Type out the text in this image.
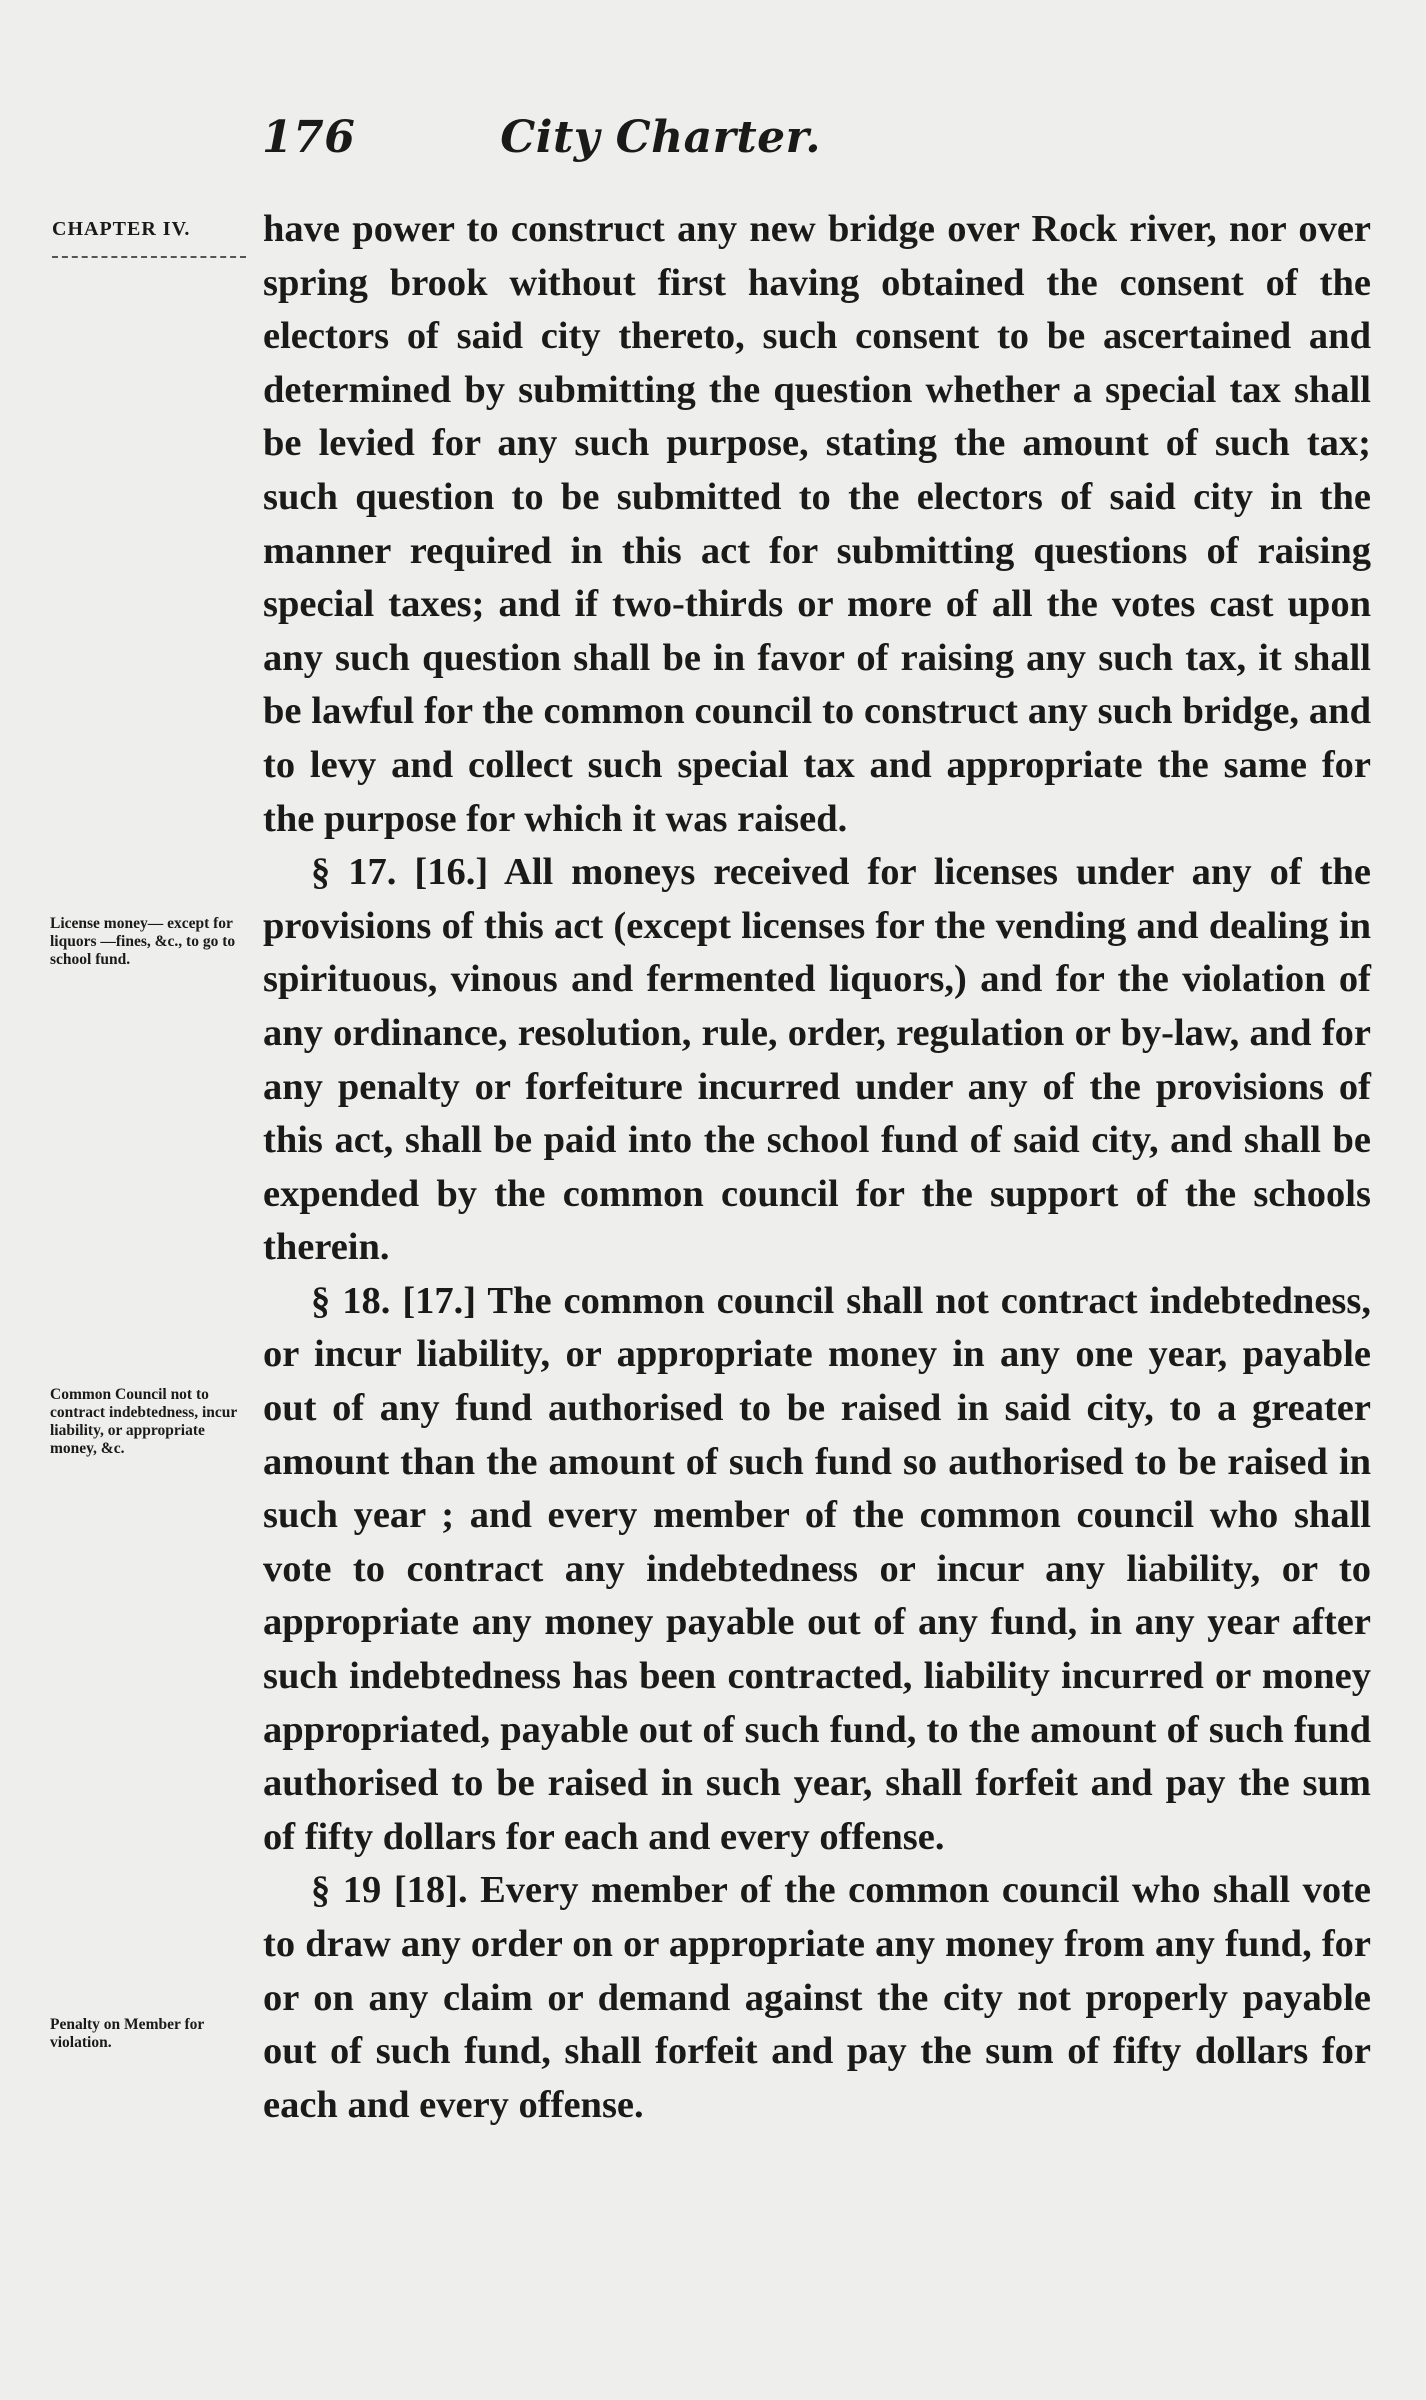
176	City Charter.
CHAPTER IV.
License money— except for liquors —fines, &c., to go to school fund.
Common Council not to contract indebtedness, incur liability, or appropriate money, &c.
Penalty on Member for violation.

have power to construct any new bridge over Rock river, nor over spring brook without first having obtained the consent of the electors of said city thereto, such consent to be ascertained and determined by submitting the question whether a special tax shall be levied for any such purpose, stating the amount of such tax; such question to be submitted to the electors of said city in the manner required in this act for submitting questions of raising special taxes; and if two-thirds or more of all the votes cast upon any such question shall be in favor of raising any such tax, it shall be lawful for the common council to construct any such bridge, and to levy and collect such special tax and appropriate the same for the purpose for which it was raised.

§ 17. [16.] All moneys received for licenses under any of the provisions of this act (except licenses for the vending and dealing in spirituous, vinous and fermented liquors,) and for the violation of any ordinance, resolution, rule, order, regulation or by-law, and for any penalty or forfeiture incurred under any of the provisions of this act, shall be paid into the school fund of said city, and shall be expended by the common council for the support of the schools therein.

§ 18. [17.] The common council shall not contract indebtedness, or incur liability, or appropriate money in any one year, payable out of any fund authorised to be raised in said city, to a greater amount than the amount of such fund so authorised to be raised in such year ; and every member of the common council who shall vote to contract any indebtedness or incur any liability, or to appropriate any money payable out of any fund, in any year after such indebtedness has been contracted, liability incurred or money appropriated, payable out of such fund, to the amount of such fund authorised to be raised in such year, shall forfeit and pay the sum of fifty dollars for each and every offense.

§ 19 [18]. Every member of the common council who shall vote to draw any order on or appropriate any money from any fund, for or on any claim or demand against the city not properly payable out of such fund, shall forfeit and pay the sum of fifty dollars for each and every offense.
